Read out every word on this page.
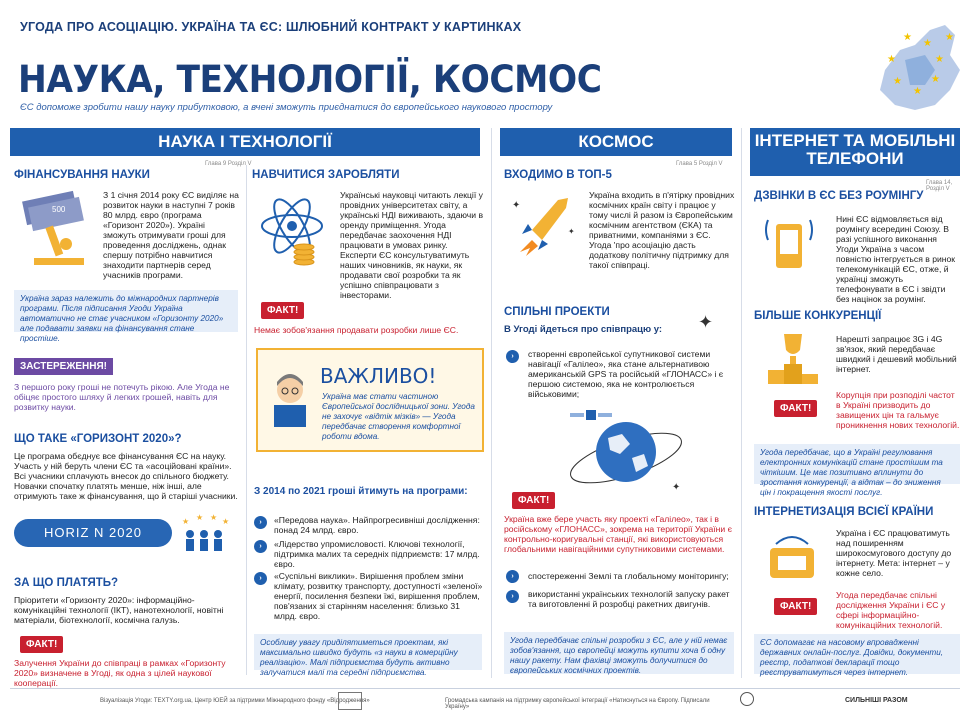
УГОДА ПРО АСОЦІАЦІЮ. УКРАЇНА ТА ЄС: ШЛЮБНИЙ КОНТРАКТ У КАРТИНКАХ
НАУКА, ТЕХНОЛОГІЇ, КОСМОС
ЄС допоможе зробити нашу науку прибутковою, а вчені зможуть приєднатися до європейського наукового простору
★
★
★
★
★
★
★
★
НАУКА І ТЕХНОЛОГІЇ	КОСМОС	ІНТЕРНЕТ ТА МОБІЛЬНІ ТЕЛЕФОНИ
Глава 9 Розділ V
ФІНАНСУВАННЯ НАУКИ
500
З 1 січня 2014 року ЄС виділяє на розвиток науки в наступні 7 років 80 млрд. євро (програма «Горизонт 2020»). Україні зможуть отримувати гроші для проведення досліджень, однак спершу потрібно навчитися знаходити партнерів серед учасників програми.
Україна зараз належить до міжнародних партнерів програми. Після підписання Угоди Україна автоматично не стає учасником «Горизонту 2020» але подавати заявки на фінансування стане простіше.
ЗАСТЕРЕЖЕННЯ!
З першого року гроші не потечуть рікою. Але Угода не обіцяє простого шляху й легких грошей, навіть для розвитку науки.
ЩО ТАКЕ «ГОРИЗОНТ 2020»?
Це програма обєднує все фінансування ЄС на науку. Участь у ній беруть члени ЄС та «асоційовані країни». Всі учасники сплачують внесок до спільного бюджету. Новачки спочатку платять менше, ніж інші, але отримують таке ж фінансування, що й старіші учасники.
HORIZ N 2020
★ ★ ★ ★
ЗА ЩО ПЛАТЯТЬ?
Пріоритети «Горизонту 2020»: інформаційно-комунікаційні технології (ІКТ), нанотехнології, новітні матеріали, біотехнології, космічна галузь.
ФАКТ!
Залучення України до співпраці в рамках «Горизонту 2020» визначене в Угоді, як одна з цілей наукової кооперації.
НАВЧИТИСЯ ЗАРОБЛЯТИ
Українські науковці читають лекції у провідних університетах світу, а українські НДІ виживають, здаючи в оренду приміщення. Угода передбачає заохочення НДІ працювати в умовах ринку. Експерти ЄС консультуватимуть наших чиновників, як науки, як продавати свої розробки та як успішно співпрацювати з інвесторами.
ФАКТ!
Немає зобов'язання продавати розробки лише ЄС.
ВАЖЛИВО!
Україна має стати частиною Європейської дослідницької зони. Угода не захочує «відтік мізків» — Угода передбачає створення комфортної роботи вдома.
З 2014 по 2021 гроші йтимуть на програми:
›	«Передова наука». Найпрогресивніші дослідження: понад 24 млрд. євро.
›	«Лідерство упромисловості. Ключові технології, підтримка малих та середніх підприємств: 17 млрд. євро.
›	«Суспільні виклики». Вирішення проблем зміни клімату, розвитку транспорту, доступності «зеленої» енергії, посилення безпеки їжі, вирішення проблем, пов'язаних зі старінням населення: близько 31 млрд. євро.
Особливу увагу приділятиметься проектам, які максимально швидко будуть «з науки в комерційну реалізацію». Малі підприємства будуть активно залучатися малі та середні підприємства.
Глава 5 Розділ V
ВХОДИМО В ТОП-5
✦
✦
Україна входить в п'ятірку провідних космічних країн світу і працює у тому числі й разом із Європейським космічним агентством (ЄКА) та приватними, компаніями з ЄС. Угода 'про асоціацію дасть додаткову політичну підтримку для такої співпраці.
СПІЛЬНІ ПРОЕКТИ
В Угоді йдеться про співпрацю у: ✦
›	створенні європейської супутникової системи навігації «Галілео», яка стане альтернативою американській GPS та російській «ГЛОНАСС» і є першою системою, яка не контролюється військовими;
✦
ФАКТ!
Україна вже бере участь яку проекті «Галілео», так і в російському «ГЛОНАСС», зокрема на території України є контрольно-коригувальні станції, які використовуються глобальними навігаційними супутниковими системами.
›	спостереженні Землі та глобальному моніторингу;
›	використанні українських технологій запуску ракет та виготовленні й розробці ракетних двигунів.
Угода передбачає спільні розробки з ЄС, але у ній немає зобов'язання, що європейці можуть купити хоча б одну нашу ракету. Нам фахівці зможуть долучитися до європейських космічних проектів.
Глава 14, Розділ V
ДЗВІНКИ В ЄС БЕЗ РОУМІНГУ
Нині ЄС відмовляється від роумінгу всередині Союзу. В разі успішного виконання Угоди Україна з часом повністю інтегрується в ринок телекомунікацій ЄС, отже, й українці зможуть телефонувати в ЄС і звідти без націнок за роумінг.
БІЛЬШЕ КОНКУРЕНЦІЇ
Нарешті запрацює 3G і 4G зв'язок, який передбачає швидкий і дешевий мобільний інтернет.
ФАКТ!
Корупція при розподілі частот в Україні призводить до завищених цін та гальмує проникнення нових технологій.
Угода передбачає, що в Україні регулювання електронних комунікацій стане простішим та чіткішим. Це має позитивно вплинути до зростання конкуренції, а відтак – до зниження цін і покращення якості послуг.
ІНТЕРНЕТИЗАЦІЯ ВСІЄЇ КРАЇНИ
Україна і ЄС працюватимуть над поширенням широкосмугового доступу до інтернету. Мета: інтернет – у кожне село.
ФАКТ!
Угода передбачає спільні дослідження України і ЄС у сфері інформаційно-комунікаційних технологій.
ЄС допомагає на насовому впровадженні державних онлайн-послуг. Довідки, документи, реєстр, податкові декларації тощо реєструватимуться через інтернет.
Візуалізація Угоди: TEXTY.org.ua, Центр ЮЕЙ за підтримки Міжнародного фонду «Відродження»	Громадська кампанія на підтримку європейської інтеграції «Натиснуться на Європу. Підписали Україну»
СИЛЬНІШІ РАЗОМ
